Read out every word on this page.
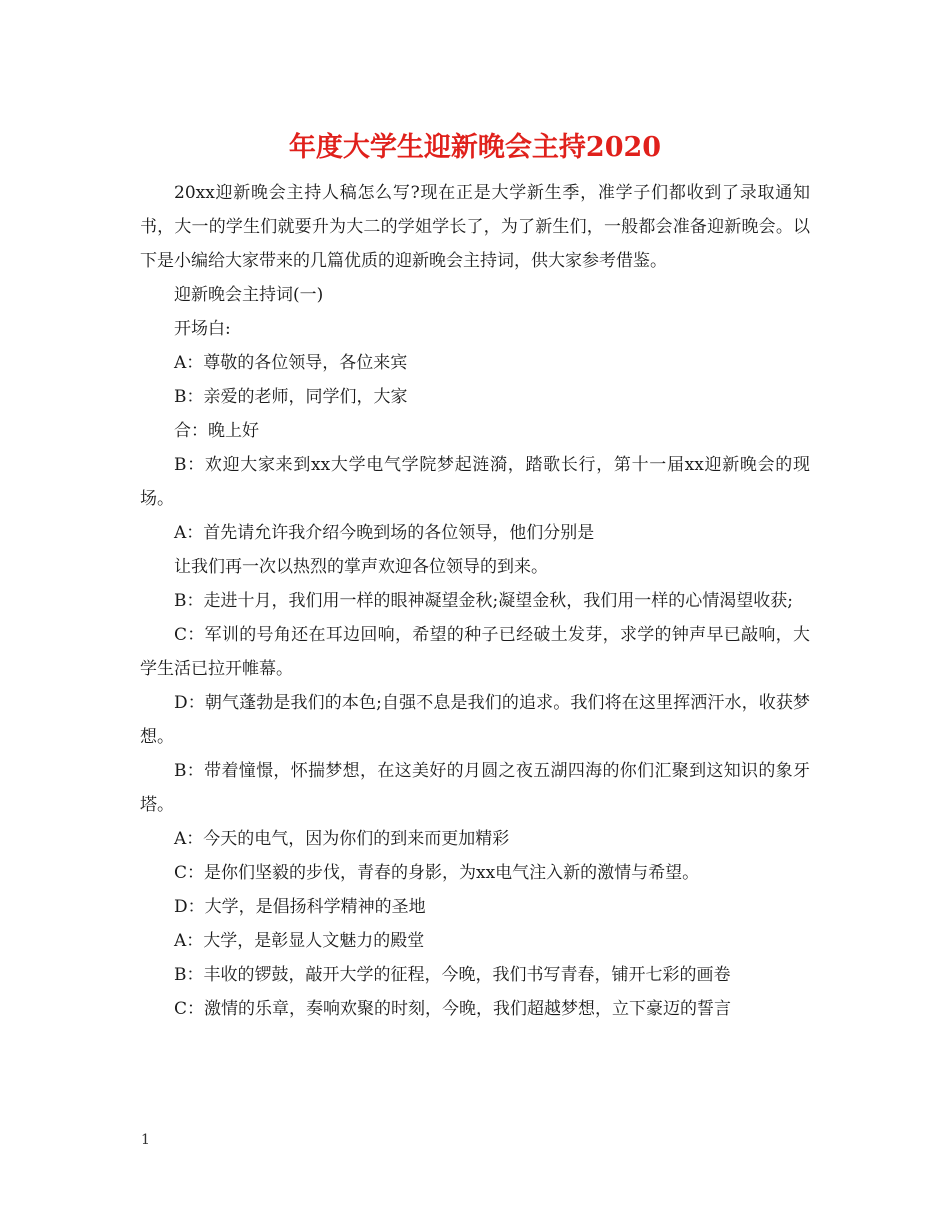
年度大学生迎新晚会主持2020

20xx迎新晚会主持人稿怎么写?现在正是大学新生季，准学子们都收到了录取通知书，大一的学生们就要升为大二的学姐学长了，为了新生们，一般都会准备迎新晚会。以下是小编给大家带来的几篇优质的迎新晚会主持词，供大家参考借鉴。

迎新晚会主持词(一)

开场白:

A：尊敬的各位领导，各位来宾

B：亲爱的老师，同学们，大家

合：晚上好

B：欢迎大家来到xx大学电气学院梦起涟漪，踏歌长行，第十一届xx迎新晚会的现场。

A：首先请允许我介绍今晚到场的各位领导，他们分别是

让我们再一次以热烈的掌声欢迎各位领导的到来。

B：走进十月，我们用一样的眼神凝望金秋;凝望金秋，我们用一样的心情渴望收获;

C：军训的号角还在耳边回响，希望的种子已经破土发芽，求学的钟声早已敲响，大学生活已拉开帷幕。

D：朝气蓬勃是我们的本色;自强不息是我们的追求。我们将在这里挥洒汗水，收获梦想。

B：带着憧憬，怀揣梦想，在这美好的月圆之夜五湖四海的你们汇聚到这知识的象牙塔。

A：今天的电气，因为你们的到来而更加精彩

C：是你们坚毅的步伐，青春的身影，为xx电气注入新的激情与希望。

D：大学，是倡扬科学精神的圣地

A：大学，是彰显人文魅力的殿堂

B：丰收的锣鼓，敲开大学的征程，今晚，我们书写青春，铺开七彩的画卷

C：激情的乐章，奏响欢聚的时刻，今晚，我们超越梦想，立下豪迈的誓言

1
